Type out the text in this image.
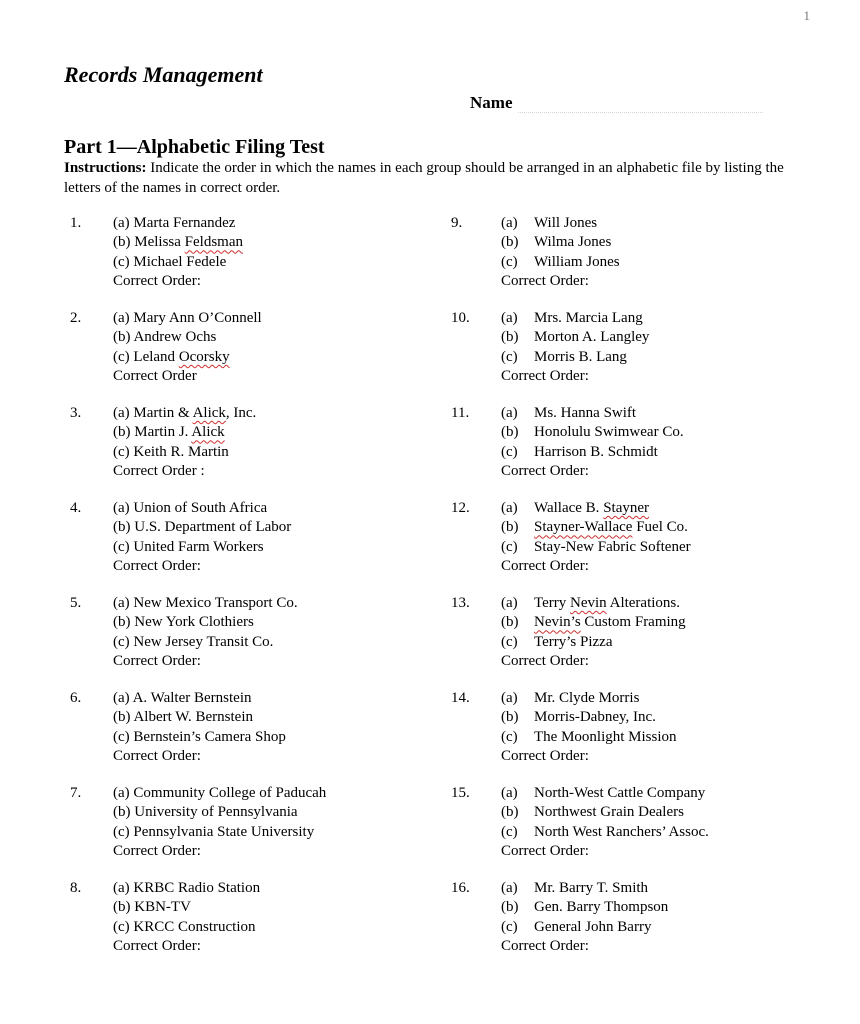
1
Records Management
Name
Part 1—Alphabetic Filing Test
Instructions: Indicate the order in which the names in each group should be arranged in an alphabetic file by listing the letters of the names in correct order.
1.	(a) Marta Fernandez
(b) Melissa Feldsman
(c) Michael Fedele
Correct Order:
2.	(a) Mary Ann O’Connell
(b) Andrew Ochs
(c) Leland Ocorsky
Correct Order
3.	(a) Martin & Alick, Inc.
(b) Martin J. Alick
(c) Keith R. Martin
Correct Order :
4.	(a) Union of South Africa
(b) U.S. Department of Labor
(c) United Farm Workers
Correct Order:
5.	(a) New Mexico Transport Co.
(b) New York Clothiers
(c) New Jersey Transit Co.
Correct Order:
6.	(a) A. Walter Bernstein
(b) Albert W. Bernstein
(c) Bernstein’s Camera Shop
Correct Order:
7.	(a) Community College of Paducah
(b) University of Pennsylvania
(c) Pennsylvania State University
Correct Order:
8.	(a) KRBC Radio Station
(b) KBN-TV
(c) KRCC Construction
Correct Order:
9.	(a) Will Jones
(b) Wilma Jones
(c) William Jones
Correct Order:
10.	(a) Mrs. Marcia Lang
(b) Morton A. Langley
(c) Morris B. Lang
Correct Order:
11.	(a) Ms. Hanna Swift
(b) Honolulu Swimwear Co.
(c) Harrison B. Schmidt
Correct Order:
12.	(a) Wallace B. Stayner
(b) Stayner-Wallace Fuel Co.
(c) Stay-New Fabric Softener
Correct Order:
13.	(a) Terry Nevin Alterations.
(b) Nevin’s Custom Framing
(c) Terry’s Pizza
Correct Order:
14.	(a) Mr. Clyde Morris
(b) Morris-Dabney, Inc.
(c) The Moonlight Mission
Correct Order:
15.	(a) North-West Cattle Company
(b) Northwest Grain Dealers
(c) North West Ranchers’ Assoc.
Correct Order:
16.	(a) Mr. Barry T. Smith
(b) Gen. Barry Thompson
(c) General John Barry
Correct Order:
